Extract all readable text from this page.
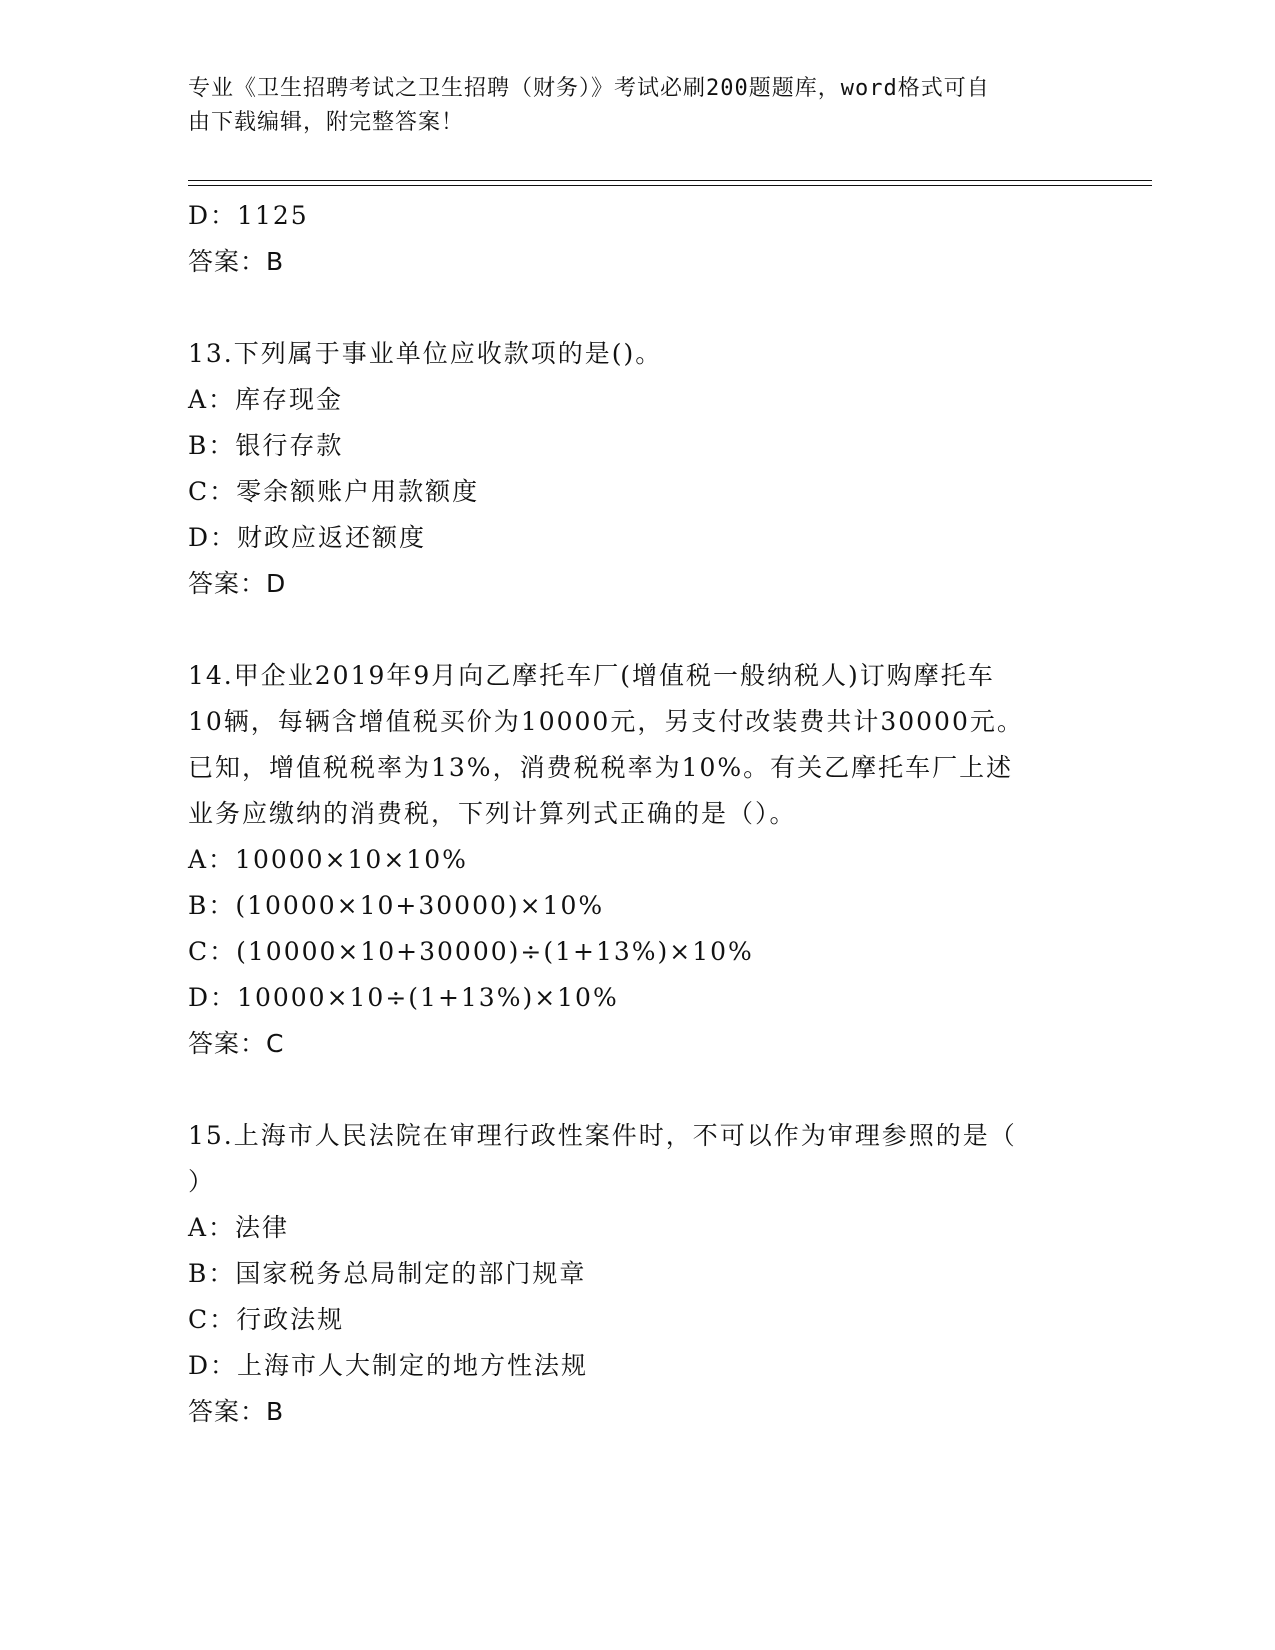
专业《卫生招聘考试之卫生招聘（财务）》考试必刷200题题库，word格式可自
由下载编辑，附完整答案！
D：1125
答案：B
13.下列属于事业单位应收款项的是()。
A：库存现金
B：银行存款
C：零余额账户用款额度
D：财政应返还额度
答案：D
14.甲企业2019年9月向乙摩托车厂(增值税一般纳税人)订购摩托车
10辆，每辆含增值税买价为10000元，另支付改装费共计30000元。
已知，增值税税率为13%，消费税税率为10%。有关乙摩托车厂上述
业务应缴纳的消费税，下列计算列式正确的是（）。
A：10000×10×10%
B：(10000×10+30000)×10%
C：(10000×10+30000)÷(1+13%)×10%
D：10000×10÷(1+13%)×10%
答案：C
15.上海市人民法院在审理行政性案件时，不可以作为审理参照的是（
）
A：法律
B：国家税务总局制定的部门规章
C：行政法规
D：上海市人大制定的地方性法规
答案：B
